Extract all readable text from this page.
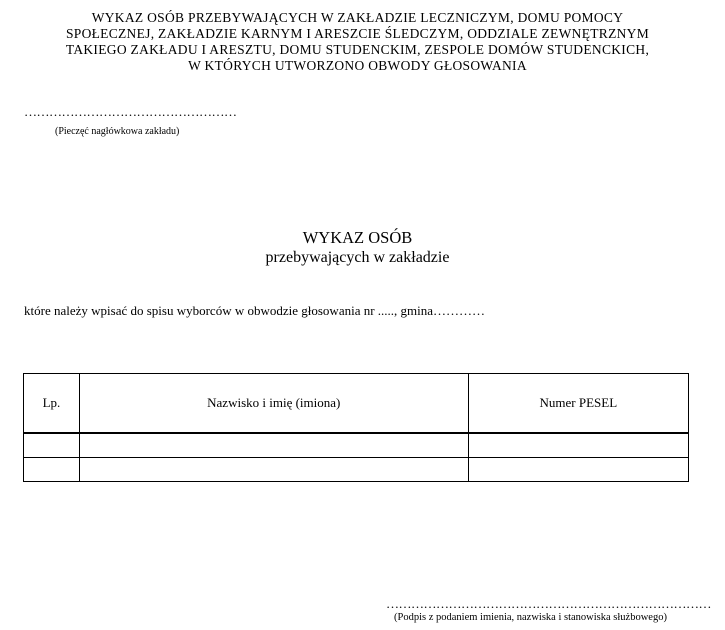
WYKAZ OSÓB PRZEBYWAJĄCYCH W ZAKŁADZIE LECZNICZYM, DOMU POMOCY
SPOŁECZNEJ, ZAKŁADZIE KARNYM I ARESZCIE ŚLEDCZYM, ODDZIALE ZEWNĘTRZNYM
TAKIEGO ZAKŁADU I ARESZTU, DOMU STUDENCKIM, ZESPOLE DOMÓW STUDENCKICH,
W KTÓRYCH UTWORZONO OBWODY GŁOSOWANIA
……………………………………………
(Pieczęć nagłówkowa zakładu)
WYKAZ OSÓB
przebywających w zakładzie
które należy wpisać do spisu wyborców w obwodzie głosowania nr ....., gmina…………
Lp.	Nazwisko i imię (imiona)	Numer PESEL

……………………………………………………………………
(Podpis z podaniem imienia, nazwiska i stanowiska służbowego)
